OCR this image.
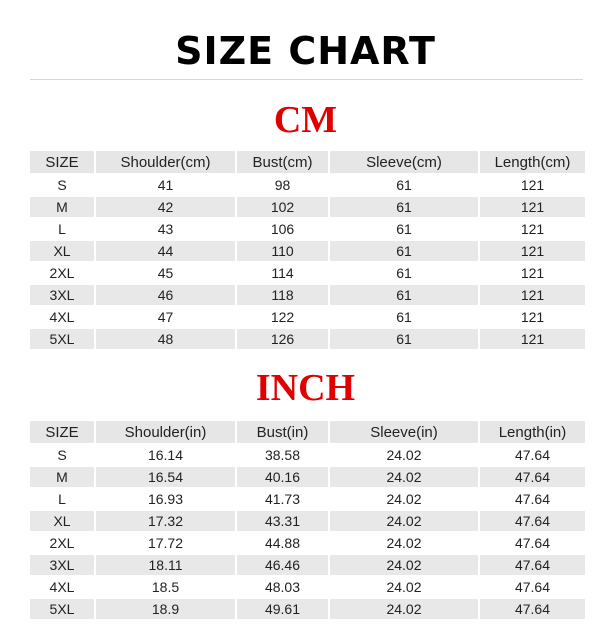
SIZE CHART
CM
SIZE	Shoulder(cm)	Bust(cm)	Sleeve(cm)	Length(cm)
S	41	98	61	121
M	42	102	61	121
L	43	106	61	121
XL	44	110	61	121
2XL	45	114	61	121
3XL	46	118	61	121
4XL	47	122	61	121
5XL	48	126	61	121
INCH
SIZE	Shoulder(in)	Bust(in)	Sleeve(in)	Length(in)
S	16.14	38.58	24.02	47.64
M	16.54	40.16	24.02	47.64
L	16.93	41.73	24.02	47.64
XL	17.32	43.31	24.02	47.64
2XL	17.72	44.88	24.02	47.64
3XL	18.11	46.46	24.02	47.64
4XL	18.5	48.03	24.02	47.64
5XL	18.9	49.61	24.02	47.64
